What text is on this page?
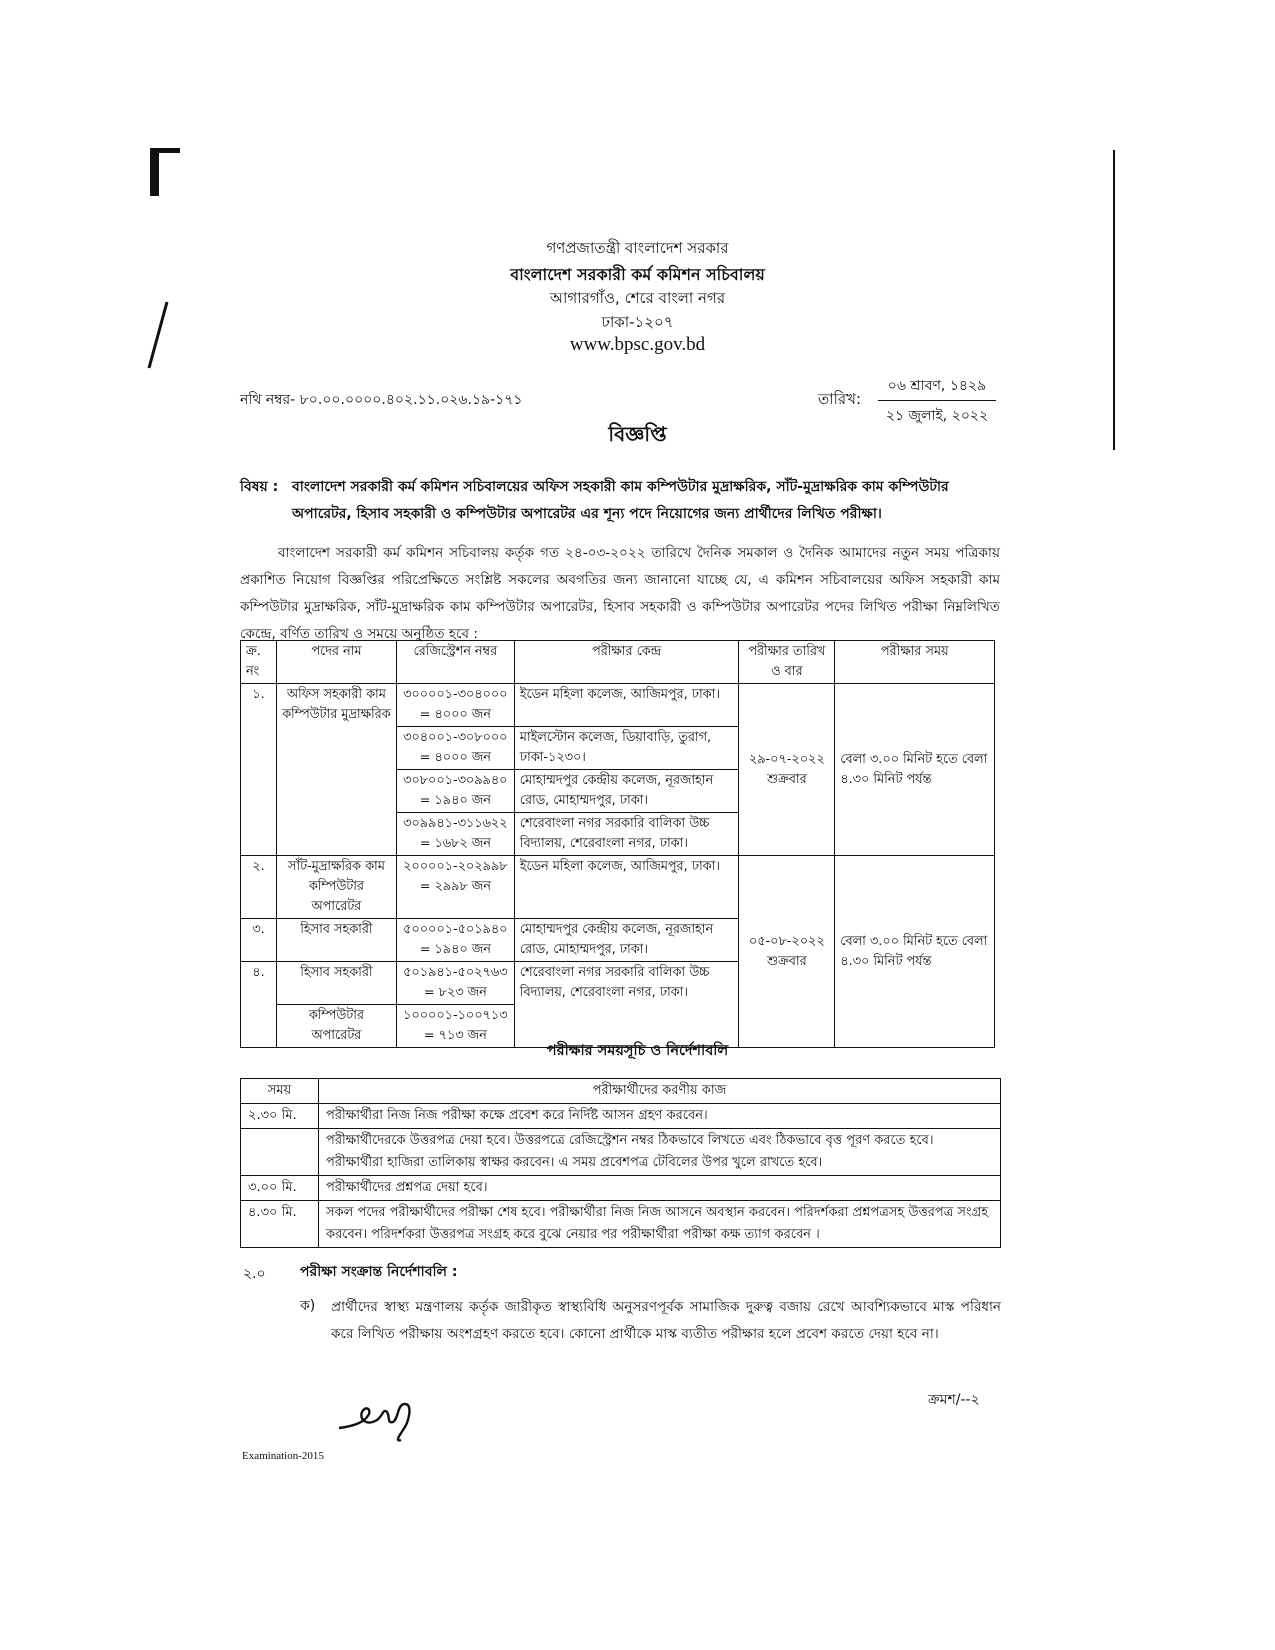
গণপ্রজাতন্ত্রী বাংলাদেশ সরকার
বাংলাদেশ সরকারী কর্ম কমিশন সচিবালয়
আগারগাঁও, শেরে বাংলা নগর
ঢাকা-১২০৭
www.bpsc.gov.bd
নথি নম্বর- ৮০.০০.০০০০.৪০২.১১.০২৬.১৯-১৭১	তারিখ:
০৬ শ্রাবণ, ১৪২৯
২১ জুলাই, ২০২২
বিজ্ঞপ্তি
বিষয় : বাংলাদেশ সরকারী কর্ম কমিশন সচিবালয়ের অফিস সহকারী কাম কম্পিউটার মুদ্রাক্ষরিক, সাঁট-মুদ্রাক্ষরিক কাম কম্পিউটার অপারেটর, হিসাব সহকারী ও কম্পিউটার অপারেটর এর শূন্য পদে নিয়োগের জন্য প্রার্থীদের লিখিত পরীক্ষা।
বাংলাদেশ সরকারী কর্ম কমিশন সচিবালয় কর্তৃক গত ২৪-০৩-২০২২ তারিখে দৈনিক সমকাল ও দৈনিক আমাদের নতুন সময় পত্রিকায় প্রকাশিত নিয়োগ বিজ্ঞপ্তির পরিপ্রেক্ষিতে সংশ্লিষ্ট সকলের অবগতির জন্য জানানো যাচ্ছে যে, এ কমিশন সচিবালয়ের অফিস সহকারী কাম কম্পিউটার মুদ্রাক্ষরিক, সাঁট-মুদ্রাক্ষরিক কাম কম্পিউটার অপারেটর, হিসাব সহকারী ও কম্পিউটার অপারেটর পদের লিখিত পরীক্ষা নিম্নলিখিত কেন্দ্রে, বর্ণিত তারিখ ও সময়ে অনুষ্ঠিত হবে :
ক্র. নং	পদের নাম	রেজিস্ট্রেশন নম্বর	পরীক্ষার কেন্দ্র	পরীক্ষার তারিখ ও বার	পরীক্ষার সময়
১.	অফিস সহকারী কাম কম্পিউটার মুদ্রাক্ষরিক	৩০০০০১-৩০৪০০০ = ৪০০০ জন	ইডেন মহিলা কলেজ, আজিমপুর, ঢাকা।	২৯-০৭-২০২২ শুক্রবার	বেলা ৩.০০ মিনিট হতে বেলা ৪.৩০ মিনিট পর্যন্ত
		৩০৪০০১-৩০৮০০০ = ৪০০০ জন	মাইলস্টোন কলেজ, ডিয়াবাড়ি, তুরাগ, ঢাকা-১২৩০।		
		৩০৮০০১-৩০৯৯৪০ = ১৯৪০ জন	মোহাম্মদপুর কেন্দ্রীয় কলেজ, নূরজাহান রোড, মোহাম্মদপুর, ঢাকা।		
		৩০৯৯৪১-৩১১৬২২ = ১৬৮২ জন	শেরেবাংলা নগর সরকারি বালিকা উচ্চ বিদ্যালয়, শেরেবাংলা নগর, ঢাকা।		
২.	সাঁট-মুদ্রাক্ষরিক কাম কম্পিউটার অপারেটর	২০০০০১-২০২৯৯৮ = ২৯৯৮ জন	ইডেন মহিলা কলেজ, আজিমপুর, ঢাকা।	০৫-০৮-২০২২ শুক্রবার	বেলা ৩.০০ মিনিট হতে বেলা ৪.৩০ মিনিট পর্যন্ত
৩.	হিসাব সহকারী	৫০০০০১-৫০১৯৪০ = ১৯৪০ জন	মোহাম্মদপুর কেন্দ্রীয় কলেজ, নূরজাহান রোড, মোহাম্মদপুর, ঢাকা।		
৪.	হিসাব সহকারী	৫০১৯৪১-৫০২৭৬৩ = ৮২৩ জন	শেরেবাংলা নগর সরকারি বালিকা উচ্চ বিদ্যালয়, শেরেবাংলা নগর, ঢাকা।		
	কম্পিউটার অপারেটর	১০০০০১-১০০৭১৩ = ৭১৩ জন			
পরীক্ষার সময়সূচি ও নির্দেশাবলি
সময়	পরীক্ষার্থীদের করণীয় কাজ
২.৩০ মি.	পরীক্ষার্থীরা নিজ নিজ পরীক্ষা কক্ষে প্রবেশ করে নির্দিষ্ট আসন গ্রহণ করবেন।
	পরীক্ষার্থীদেরকে উত্তরপত্র দেয়া হবে। উত্তরপত্রে রেজিস্ট্রেশন নম্বর ঠিকভাবে লিখতে এবং ঠিকভাবে বৃত্ত পূরণ করতে হবে। পরীক্ষার্থীরা হাজিরা তালিকায় স্বাক্ষর করবেন। এ সময় প্রবেশপত্র টেবিলের উপর খুলে রাখতে হবে।
৩.০০ মি.	পরীক্ষার্থীদের প্রশ্নপত্র দেয়া হবে।
৪.৩০ মি.	সকল পদের পরীক্ষার্থীদের পরীক্ষা শেষ হবে। পরীক্ষার্থীরা নিজ নিজ আসনে অবস্থান করবেন। পরিদর্শকরা প্রশ্নপত্রসহ উত্তরপত্র সংগ্রহ করবেন। পরিদর্শকরা উত্তরপত্র সংগ্রহ করে বুঝে নেয়ার পর পরীক্ষার্থীরা পরীক্ষা কক্ষ ত্যাগ করবেন ।
২.০ পরীক্ষা সংক্রান্ত নির্দেশাবলি :
ক) প্রার্থীদের স্বাস্থ্য মন্ত্রণালয় কর্তৃক জারীকৃত স্বাস্থ্যবিধি অনুসরণপূর্বক সামাজিক দুরুত্ব বজায় রেখে আবশ্যিকভাবে মাস্ক পরিধান করে লিখিত পরীক্ষায় অংশগ্রহণ করতে হবে। কোনো প্রার্থীকে মাস্ক ব্যতীত পরীক্ষার হলে প্রবেশ করতে দেয়া হবে না।
ক্রমশ/--২
Examination-2015
